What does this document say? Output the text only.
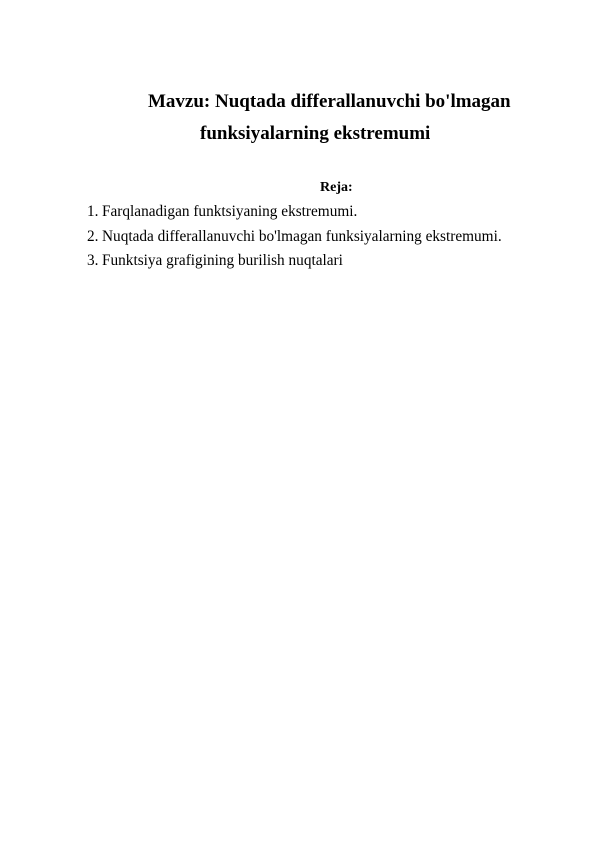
Mavzu: Nuqtada differallanuvchi bo'lmagan
funksiyalarning ekstremumi
Reja:
1. Farqlanadigan funktsiyaning ekstremumi.
2. Nuqtada differallanuvchi bo'lmagan funksiyalarning ekstremumi.
3. Funktsiya grafigining burilish nuqtalari
